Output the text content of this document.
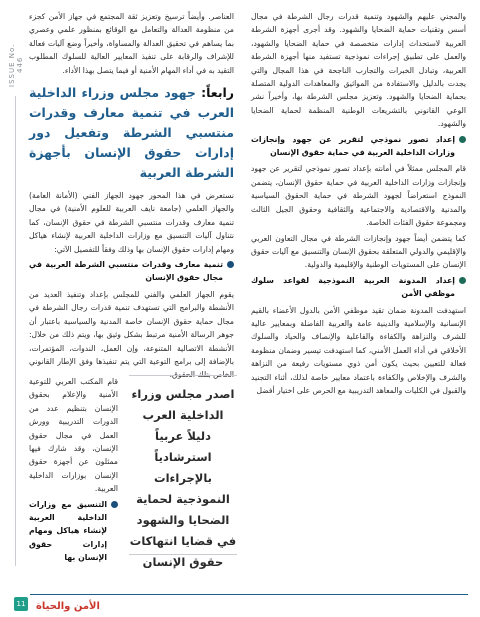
ISSUE No. 446

والمجني عليهم والشهود وتنمية قدرات رجال الشرطة في مجال أسس وتقنيات حماية الضحايا والشهود. وقد أجرى أجهزة الشرطة العربية لاستحداث إدارات متخصصة في حماية الضحايا والشهود، والعمل على تطبيق إجراءات نموذجية تستفيد منها أجهزة الشرطة العربية، وتبادل الخبرات والتجارب الناجحة في هذا المجال والتي يجدت بالدليل والاستفادة من المواثيق والمعاهدات الدولية المتصلة بحماية الضحايا والشهود. وتعزيز مجلس الشرطة بها، وأخيراً نشر الوعي القانوني بالتشريعات الوطنية المنظمة لحماية الضحايا والشهود.

إعداد تصور نموذجي لتقرير عن جهود وإنجازات وزارات الداخلية العربية في حماية حقوق الإنسان

قام المجلس ممثلاً في أمانته بإعداد تصور نموذجي لتقرير عن جهود وإنجازات وزارات الداخلية العربية في حماية حقوق الإنسان، يتضمن النموذج استعراضاً لجهود الشرطة في حماية الحقوق السياسية والمدنية والاقتصادية والاجتماعية والثقافية وحقوق الجيل الثالث ومجموعة حقوق الفئات الخاصة.

كما يتضمن أيضاً جهود وإنجازات الشرطة في مجال التعاون العربي والإقليمي والدولي المتعلقة بحقوق الإنسان والتنسيق مع آليات حقوق الإنسان على المستويات الوطنية والإقليمية والدولية.

إعداد المدونة العربية النموذجية لقواعد سلوك موظفي الأمن

استهدفت المدونة ضمان تقيد موظفي الأمن بالدول الأعضاء بالقيم الإنسانية والإسلامية والدينية عامة والعربية الفاضلة وبمعايير عالية للشرف والنزاهة والكفاءة والفاعلية والإنصاف والحياد والسلوك الأخلاقي في أداء العمل الأمني، كما استهدفت تيسير وضمان منظومة فعالة للتعيين بحيث يكون أمن ذوي مستويات رفيعة من النزاهة والشرف والإخلاص والكفاءة باعتماد معايير خاصة لذلك، أثناء التجنيد والقبول في الكليات والمعاهد التدريبية مع الحرص على اختيار أفضل

العناصر. وأيضاً ترسيخ وتعزيز ثقة المجتمع في جهاز الأمن كجزء من منظومة العدالة والتعامل مع الوقائع بمنظور علمي وعصري بما يساهم في تحقيق العدالة والمساواة، وأخيراً وضع آليات فعالة للإشراف والرقابة على تنفيذ المعايير العالية للسلوك المطلوب التقيد به في أداء المهام الأمنية أو فيما يتصل بهذا الأداء.

رابعاً: جهود مجلس وزراء الداخلية العرب في تنمية معارف وقدرات منتسبي الشرطة وتفعيل دور إدارات حقوق الإنسان بأجهزة الشرطة العربية

نستعرض في هذا المحور جهود الجهاز الفني (الأمانة العامة) والجهاز العلمي (جامعة نايف العربية للعلوم الأمنية) في مجال تنمية معارف وقدرات منتسبي الشرطة في حقوق الإنسان، كما نتناول آليات التنسيق مع وزارات الداخلية العربية لإنشاء هياكل ومهام إدارات حقوق الإنسان بها وذلك وفقاً للتفصيل الآتي:

تنمية معارف وقدرات منتسبي الشرطة العربية في مجال حقوق الإنسان

يقوم الجهاز العلمي والفني للمجلس بإعداد وتنفيذ العديد من الأنشطة والبرامج التي تستهدف تنمية قدرات رجال الشرطة في مجال حماية حقوق الإنسان خاصة المدنية والسياسية باعتبار أن جوهر الرسالة الأمنية مرتبط بشكل وثيق بها، ويتم ذلك من خلال: الأنشطة الاتصالية المتنوعة، وإن العمل، الندوات، المؤتمرات، بالإضافة إلى برامج التوعية التي يتم تنفيذها وفق الإطار القانوني الخاص بتلك الحقوق.

اصدر مجلس وزراء الداخلية العرب دليلاً عربياً استرشادياً بالإجراءات النموذجية لحماية الضحايا والشهود في قضايا انتهاكات حقوق الإنسان

قام المكتب العربي للتوعية الأمنية والإعلام بحقوق الإنسان بتنظيم عدد من الدورات التدريبية وورش العمل في مجال حقوق الإنسان، وقد شارك فيها ممثلون عن أجهزة حقوق الإنسان بوزارات الداخلية العربية.

التنسيق مع وزارات الداخلية العربية لإنشاء هياكل ومهام إدارات حقوق الإنسان بها
11 الأمن والحياة
